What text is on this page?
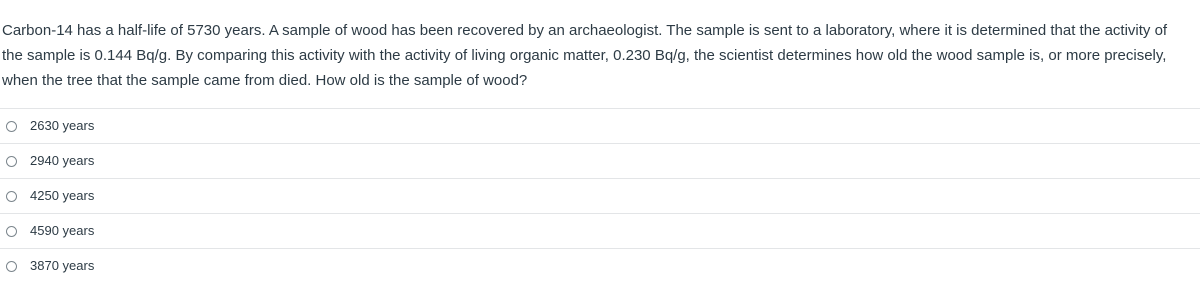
Carbon-14 has a half-life of 5730 years. A sample of wood has been recovered by an archaeologist. The sample is sent to a laboratory, where it is determined that the activity of the sample is 0.144 Bq/g. By comparing this activity with the activity of living organic matter, 0.230 Bq/g, the scientist determines how old the wood sample is, or more precisely, when the tree that the sample came from died. How old is the sample of wood?

2630 years
2940 years
4250 years
4590 years
3870 years
